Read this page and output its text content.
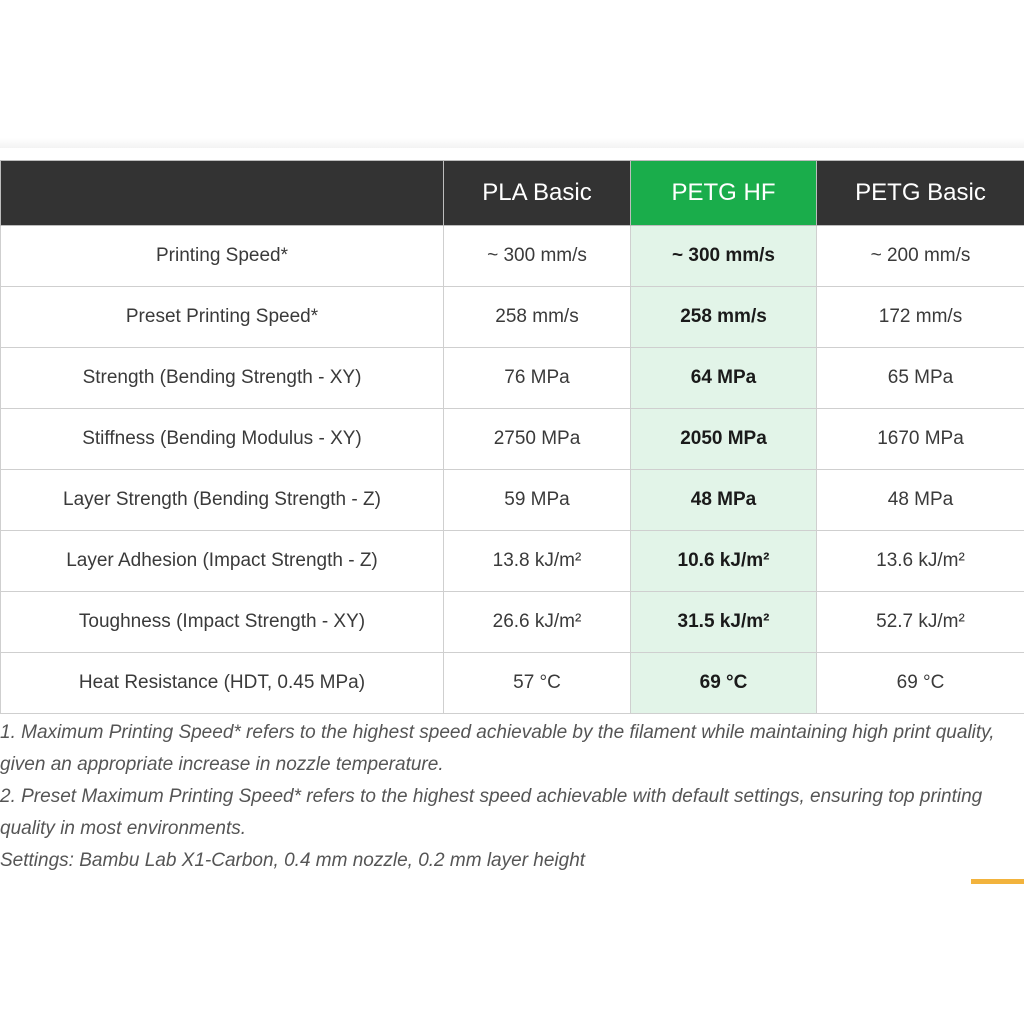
	PLA Basic	PETG HF	PETG Basic
Printing Speed*	~ 300 mm/s	~ 300 mm/s	~ 200 mm/s
Preset Printing Speed*	258 mm/s	258 mm/s	172 mm/s
Strength (Bending Strength - XY)	76 MPa	64 MPa	65 MPa
Stiffness (Bending Modulus - XY)	2750 MPa	2050 MPa	1670 MPa
Layer Strength (Bending Strength - Z)	59 MPa	48 MPa	48 MPa
Layer Adhesion (Impact Strength - Z)	13.8 kJ/m²	10.6 kJ/m²	13.6 kJ/m²
Toughness (Impact Strength - XY)	26.6 kJ/m²	31.5 kJ/m²	52.7 kJ/m²
Heat Resistance (HDT, 0.45 MPa)	57 °C	69 °C	69 °C

1. Maximum Printing Speed* refers to the highest speed achievable by the filament while maintaining high print quality, given an appropriate increase in nozzle temperature.

2. Preset Maximum Printing Speed* refers to the highest speed achievable with default settings, ensuring top printing quality in most environments.

Settings: Bambu Lab X1-Carbon, 0.4 mm nozzle, 0.2 mm layer height
